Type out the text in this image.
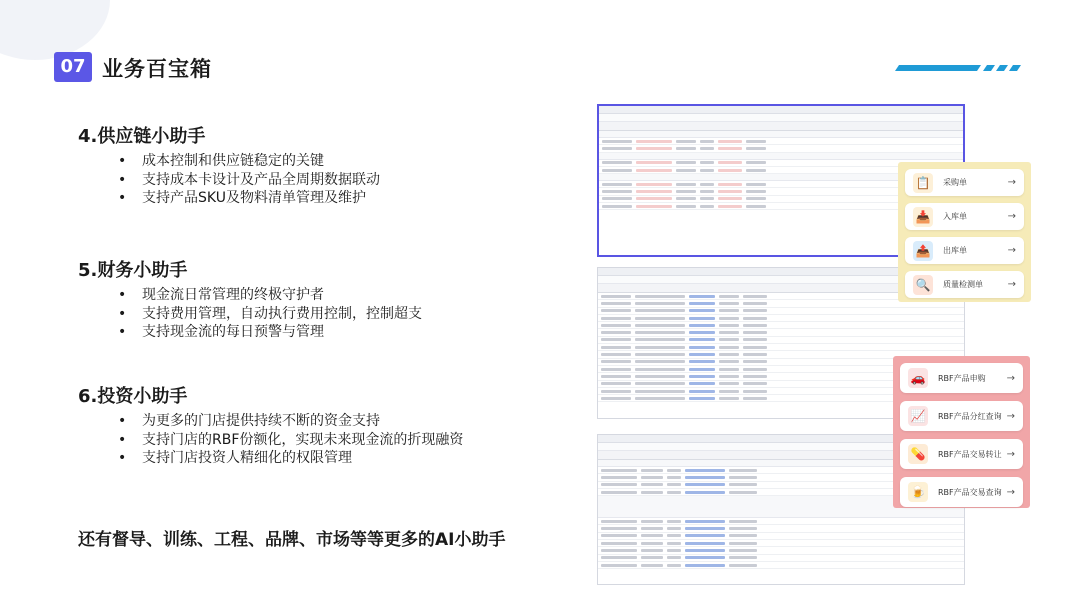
07 业务百宝箱
4.供应链小助手
• 成本控制和供应链稳定的关键
• 支持成本卡设计及产品全周期数据联动
• 支持产品SKU及物料清单管理及维护
5.财务小助手
• 现金流日常管理的终极守护者
• 支持费用管理，自动执行费用控制，控制超支
• 支持现金流的每日预警与管理
6.投资小助手
• 为更多的门店提供持续不断的资金支持
• 支持门店的RBF份额化，实现未来现金流的折现融资
• 支持门店投资人精细化的权限管理
还有督导、训练、工程、品牌、市场等等更多的AI小助手
📋	采购单	→
📥	入库单	→
📤	出库单	→
🔍	质量检测单	→
🚗	RBF产品申购	→
📈	RBF产品分红查询 →
💊	RBF产品交易转让 →
🍺	RBF产品交易查询 →
